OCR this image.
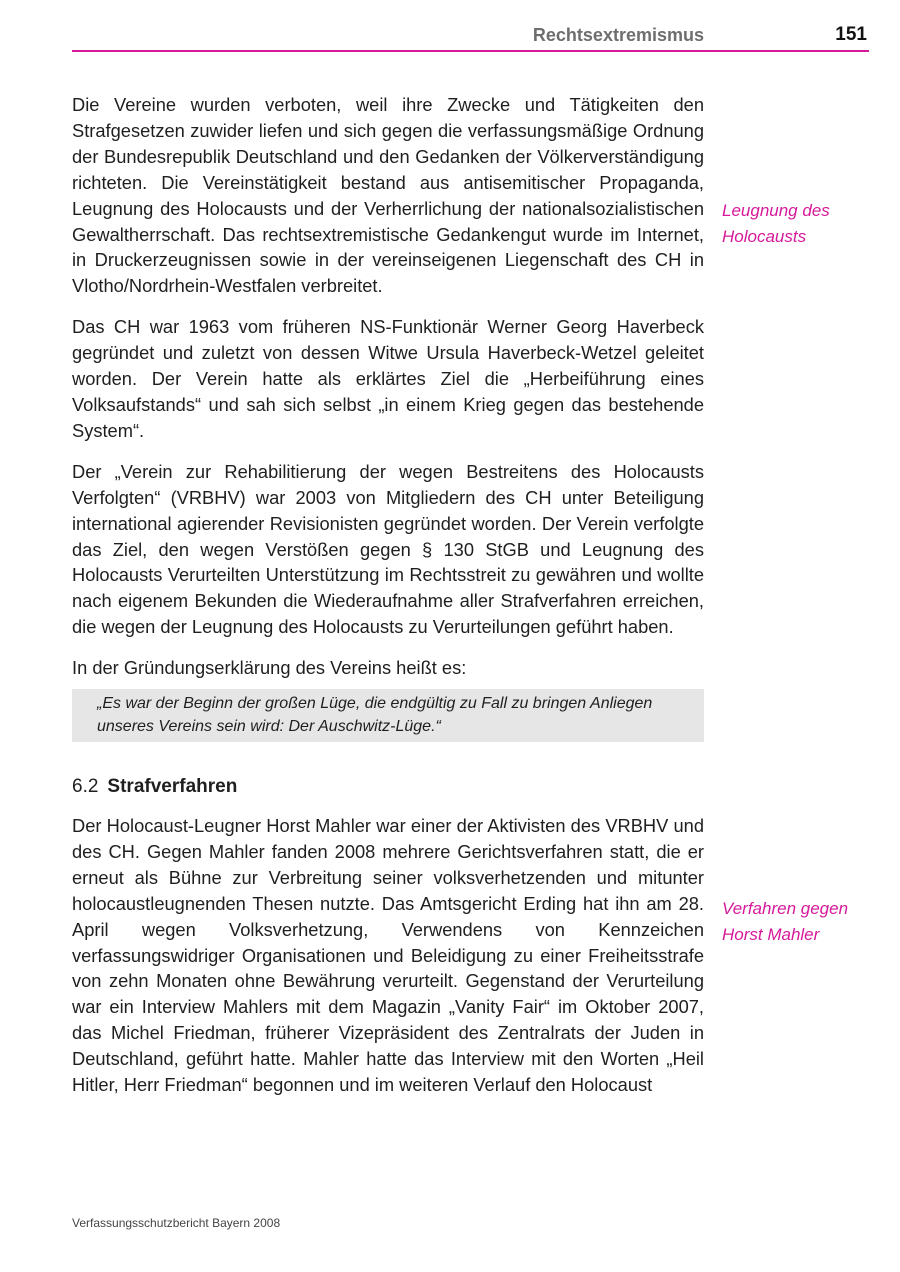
Rechtsextremismus	151

Die Vereine wurden verboten, weil ihre Zwecke und Tätigkeiten den Strafgesetzen zuwider liefen und sich gegen die verfassungsmäßige Ordnung der Bundesrepublik Deutschland und den Gedanken der Völkerverständigung richteten. Die Vereinstätigkeit bestand aus antisemitischer Propaganda, Leugnung des Holocausts und der Verherrlichung der nationalsozialistischen Gewaltherrschaft. Das rechtsextremistische Gedankengut wurde im Internet, in Druckerzeugnissen sowie in der vereinseigenen Liegenschaft des CH in Vlotho/Nordrhein-Westfalen verbreitet.

Das CH war 1963 vom früheren NS-Funktionär Werner Georg Haverbeck gegründet und zuletzt von dessen Witwe Ursula Haverbeck-Wetzel geleitet worden. Der Verein hatte als erklärtes Ziel die „Herbeiführung eines Volksaufstands“ und sah sich selbst „in einem Krieg gegen das bestehende System“.

Der „Verein zur Rehabilitierung der wegen Bestreitens des Holocausts Verfolgten“ (VRBHV) war 2003 von Mitgliedern des CH unter Beteiligung international agierender Revisionisten gegründet worden. Der Verein verfolgte das Ziel, den wegen Verstößen gegen § 130 StGB und Leugnung des Holocausts Verurteilten Unterstützung im Rechtsstreit zu gewähren und wollte nach eigenem Bekunden die Wiederaufnahme aller Strafverfahren erreichen, die wegen der Leugnung des Holocausts zu Verurteilungen geführt haben.

In der Gründungserklärung des Vereins heißt es:

„Es war der Beginn der großen Lüge, die endgültig zu Fall zu bringen Anliegen unseres Vereins sein wird: Der Auschwitz-Lüge.“
6.2 Strafverfahren

Der Holocaust-Leugner Horst Mahler war einer der Aktivisten des VRBHV und des CH. Gegen Mahler fanden 2008 mehrere Gerichtsverfahren statt, die er erneut als Bühne zur Verbreitung seiner volksverhetzenden und mitunter holocaustleugnenden Thesen nutzte. Das Amtsgericht Erding hat ihn am 28. April wegen Volksverhetzung, Verwendens von Kennzeichen verfassungswidriger Organisationen und Beleidigung zu einer Freiheitsstrafe von zehn Monaten ohne Bewährung verurteilt. Gegenstand der Verurteilung war ein Interview Mahlers mit dem Magazin „Vanity Fair“ im Oktober 2007, das Michel Friedman, früherer Vizepräsident des Zentralrats der Juden in Deutschland, geführt hatte. Mahler hatte das Interview mit den Worten „Heil Hitler, Herr Friedman“ begonnen und im weiteren Verlauf den Holocaust

Leugnung des
Holocausts
Verfahren gegen
Horst Mahler
Verfassungsschutzbericht Bayern 2008
